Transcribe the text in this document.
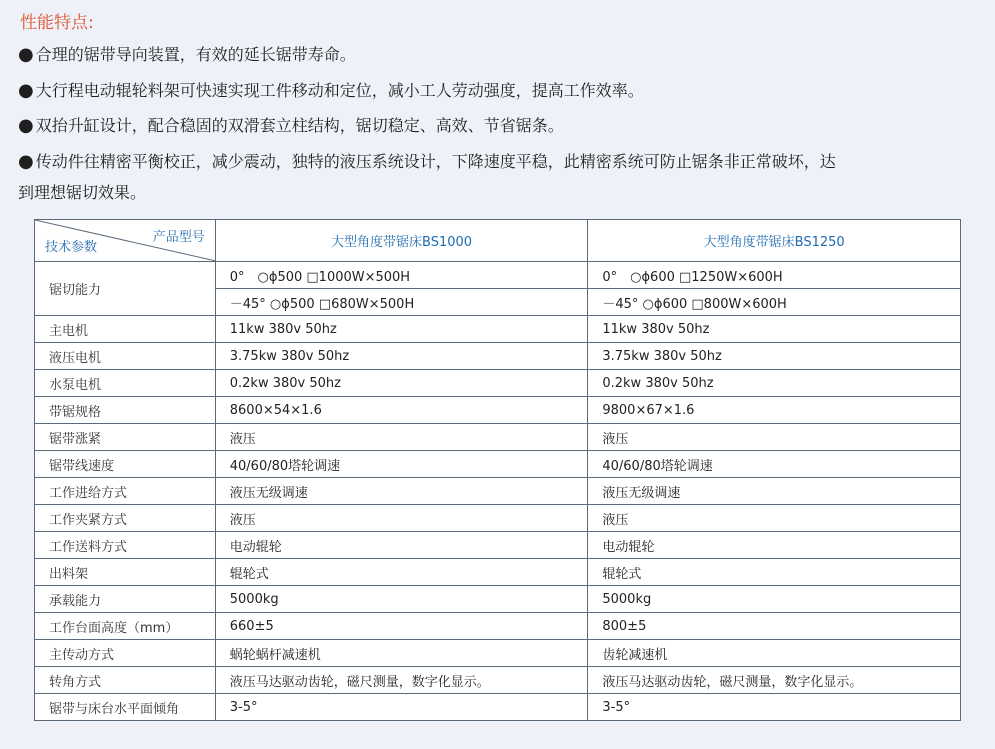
性能特点:
● 合理的锯带导向装置，有效的延长锯带寿命。
● 大行程电动辊轮料架可快速实现工件移动和定位，减小工人劳动强度，提高工作效率。
● 双抬升缸设计，配合稳固的双滑套立柱结构，锯切稳定、高效、节省锯条。
● 传动件往精密平衡校正，减少震动，独特的液压系统设计，下降速度平稳，此精密系统可防止锯条非正常破坏，达
到理想锯切效果。
产品型号
技术参数	大型角度带锯床BS1000	大型角度带锯床BS1250
锯切能力	0°　○ɸ500 □1000W×500H	0°　○ɸ600 □1250W×600H
	－45° ○ɸ500 □680W×500H	－45° ○ɸ600 □800W×600H
主电机	11kw 380v 50hz	11kw 380v 50hz
液压电机	3.75kw 380v 50hz	3.75kw 380v 50hz
水泵电机	0.2kw 380v 50hz	0.2kw 380v 50hz
带锯规格	8600×54×1.6	9800×67×1.6
锯带涨紧	液压	液压
锯带线速度	40/60/80塔轮调速	40/60/80塔轮调速
工作进给方式	液压无级调速	液压无级调速
工作夹紧方式	液压	液压
工作送料方式	电动辊轮	电动辊轮
出料架	辊轮式	辊轮式
承载能力	5000kg	5000kg
工作台面高度（mm）	660±5	800±5
主传动方式	蜗轮蜗杆减速机	齿轮减速机
转角方式	液压马达驱动齿轮，磁尺测量，数字化显示。	液压马达驱动齿轮，磁尺测量，数字化显示。
锯带与床台水平面倾角	3-5°	3-5°
